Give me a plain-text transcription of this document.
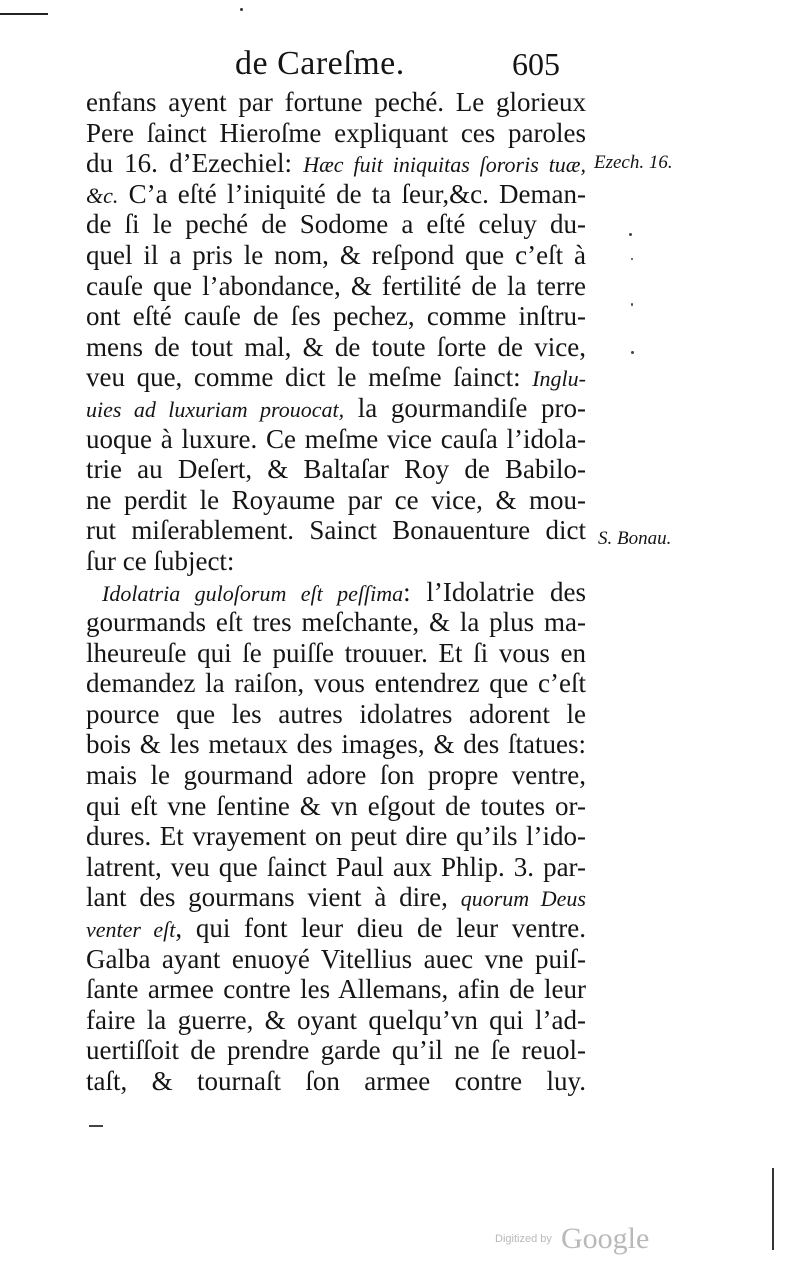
de Careſme.	605
enfans ayent par fortune peché. Le glorieux
Pere ſainct Hieroſme expliquant ces paroles
du 16. d’Ezechiel: Hæc fuit iniquitas ſororis tuæ,
&c. C’a eſté l’iniquité de ta ſeur,&c. Deman-
de ſi le peché de Sodome a eſté celuy du-
quel il a pris le nom, & reſpond que c’eſt à
cauſe que l’abondance, & fertilité de la terre
ont eſté cauſe de ſes pechez, comme inſtru-
mens de tout mal, & de toute ſorte de vice,
veu que, comme dict le meſme ſainct: Inglu-
uies ad luxuriam prouocat, la gourmandiſe pro-
uoque à luxure. Ce meſme vice cauſa l’idola-
trie au Deſert, & Baltaſar Roy de Babilo-
ne perdit le Royaume par ce vice, & mou-
rut miſerablement. Sainct Bonauenture dict
ſur ce ſubject:
Idolatria guloſorum eſt peſſima: l’Idolatrie des
gourmands eſt tres meſchante, & la plus ma-
lheureuſe qui ſe puiſſe trouuer. Et ſi vous en
demandez la raiſon, vous entendrez que c’eſt
pource que les autres idolatres adorent le
bois & les metaux des images, & des ſtatues:
mais le gourmand adore ſon propre ventre,
qui eſt vne ſentine & vn eſgout de toutes or-
dures. Et vrayement on peut dire qu’ils l’ido-
latrent, veu que ſainct Paul aux Phlip. 3. par-
lant des gourmans vient à dire, quorum Deus
venter eſt, qui font leur dieu de leur ventre.
Galba ayant enuoyé Vitellius auec vne puiſ-
ſante armee contre les Allemans, afin de leur
faire la guerre, & oyant quelqu’vn qui l’ad-
uertiſſoit de prendre garde qu’il ne ſe reuol-
taſt, & tournaſt ſon armee contre luy.
Ezech. 16.
S. Bonau.
Digitized by Google
